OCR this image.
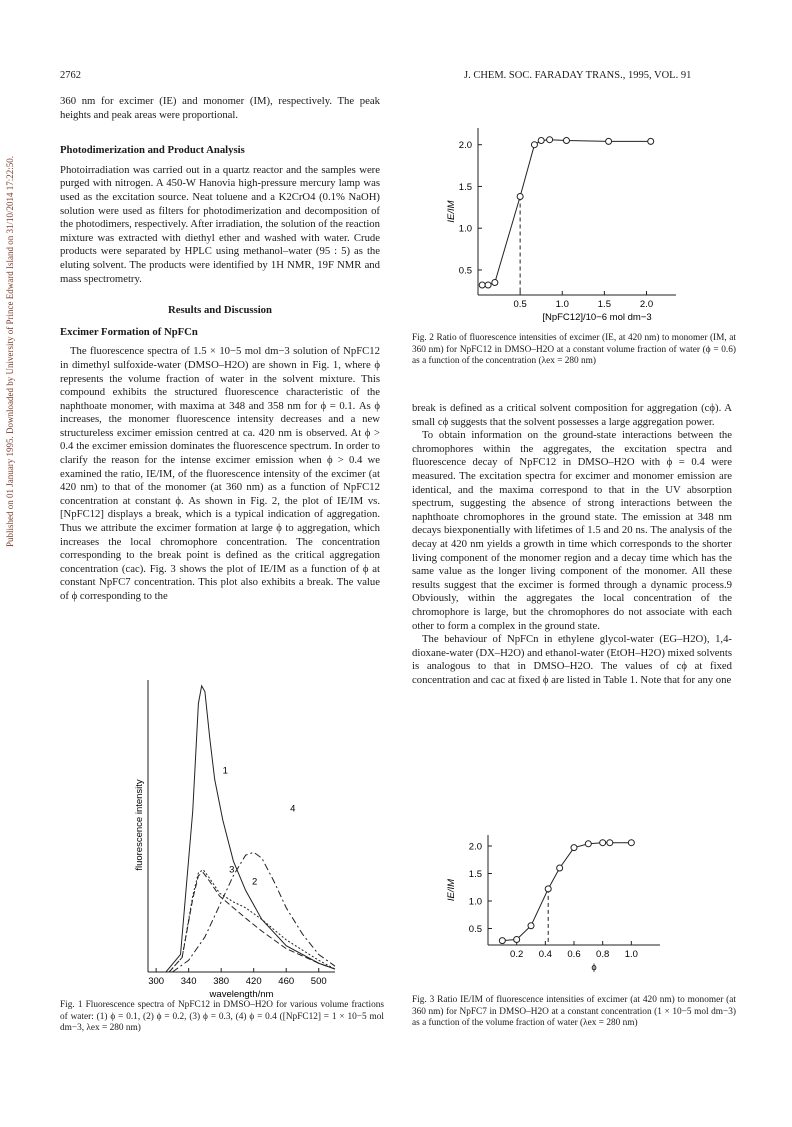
2762	J. CHEM. SOC. FARADAY TRANS., 1995, VOL. 91
Published on 01 January 1995. Downloaded by University of Prince Edward Island on 31/10/2014 17:22:50.

360 nm for excimer (IE) and monomer (IM), respectively. The peak heights and peak areas were proportional.

Photodimerization and Product Analysis

Photoirradiation was carried out in a quartz reactor and the samples were purged with nitrogen. A 450-W Hanovia high-pressure mercury lamp was used as the excitation source. Neat toluene and a K2CrO4 (0.1% NaOH) solution were used as filters for photodimerization and decomposition of the photodimers, respectively. After irradiation, the solution of the reaction mixture was extracted with diethyl ether and washed with water. Crude products were separated by HPLC using methanol–water (95 : 5) as the eluting solvent. The products were identified by 1H NMR, 19F NMR and mass spectrometry.

Results and Discussion
Excimer Formation of NpFCn

The fluorescence spectra of 1.5 × 10−5 mol dm−3 solution of NpFC12 in dimethyl sulfoxide-water (DMSO–H2O) are shown in Fig. 1, where ϕ represents the volume fraction of water in the solvent mixture. This compound exhibits the structured fluorescence characteristic of the naphthoate monomer, with maxima at 348 and 358 nm for ϕ = 0.1. As ϕ increases, the monomer fluorescence intensity decreases and a new structureless excimer emission centred at ca. 420 nm is observed. At ϕ > 0.4 the excimer emission dominates the fluorescence spectrum. In order to clarify the reason for the intense excimer emission when ϕ > 0.4 we examined the ratio, IE/IM, of the fluorescence intensity of the excimer (at 420 nm) to that of the monomer (at 360 nm) as a function of NpFC12 concentration at constant ϕ. As shown in Fig. 2, the plot of IE/IM vs. [NpFC12] displays a break, which is a typical indication of aggregation. Thus we attribute the excimer formation at large ϕ to aggregation, which increases the local chromophore concentration. The concentration corresponding to the break point is defined as the critical aggregation concentration (cac). Fig. 3 shows the plot of IE/IM as a function of ϕ at constant NpFC7 concentration. This plot also exhibits a break. The value of ϕ corresponding to the

break is defined as a critical solvent composition for aggregation (cϕ). A small cϕ suggests that the solvent possesses a large aggregation power.

To obtain information on the ground-state interactions between the chromophores within the aggregates, the excitation spectra and fluorescence decay of NpFC12 in DMSO–H2O with ϕ = 0.4 were measured. The excitation spectra for excimer and monomer emission are identical, and the maxima correspond to that in the UV absorption spectrum, suggesting the absence of strong interactions between the naphthoate chromophores in the ground state. The emission at 348 nm decays biexponentially with lifetimes of 1.5 and 20 ns. The analysis of the decay at 420 nm yields a growth in time which corresponds to the shorter living component of the monomer region and a decay time which has the same value as the longer living component of the monomer. All these results suggest that the excimer is formed through a dynamic process.9 Obviously, within the aggregates the local concentration of the chromophore is large, but the chromophores do not associate with each other to form a complex in the ground state.

The behaviour of NpFCn in ethylene glycol-water (EG–H2O), 1,4-dioxane-water (DX–H2O) and ethanol-water (EtOH–H2O) mixed solvents is analogous to that in DMSO–H2O. The values of cϕ at fixed concentration and cac at fixed ϕ are listed in Table 1. Note that for any one

300 340 380 420 460 500
wavelength/nm
fluorescence intensity
1
2
3
4
Fig. 1 Fluorescence spectra of NpFC12 in DMSO–H2O for various volume fractions of water: (1) ϕ = 0.1, (2) ϕ = 0.2, (3) ϕ = 0.3, (4) ϕ = 0.4 ([NpFC12] = 1 × 10−5 mol dm−3, λex = 280 nm)
0.5
1.0
1.5
2.0
0.5	1.0	1.5	2.0
[NpFC12]/10−6 mol dm−3
IE/IM
Fig. 2 Ratio of fluorescence intensities of excimer (IE, at 420 nm) to monomer (IM, at 360 nm) for NpFC12 in DMSO–H2O at a constant volume fraction of water (ϕ = 0.6) as a function of the concentration (λex = 280 nm)
0.5
1.0
1.5
2.0
0.2 0.4 0.6 0.8 1.0
ϕ
IE/IM
Fig. 3 Ratio IE/IM of fluorescence intensities of excimer (at 420 nm) to monomer (at 360 nm) for NpFC7 in DMSO–H2O at a constant concentration (1 × 10−5 mol dm−3) as a function of the volume fraction of water (λex = 280 nm)
